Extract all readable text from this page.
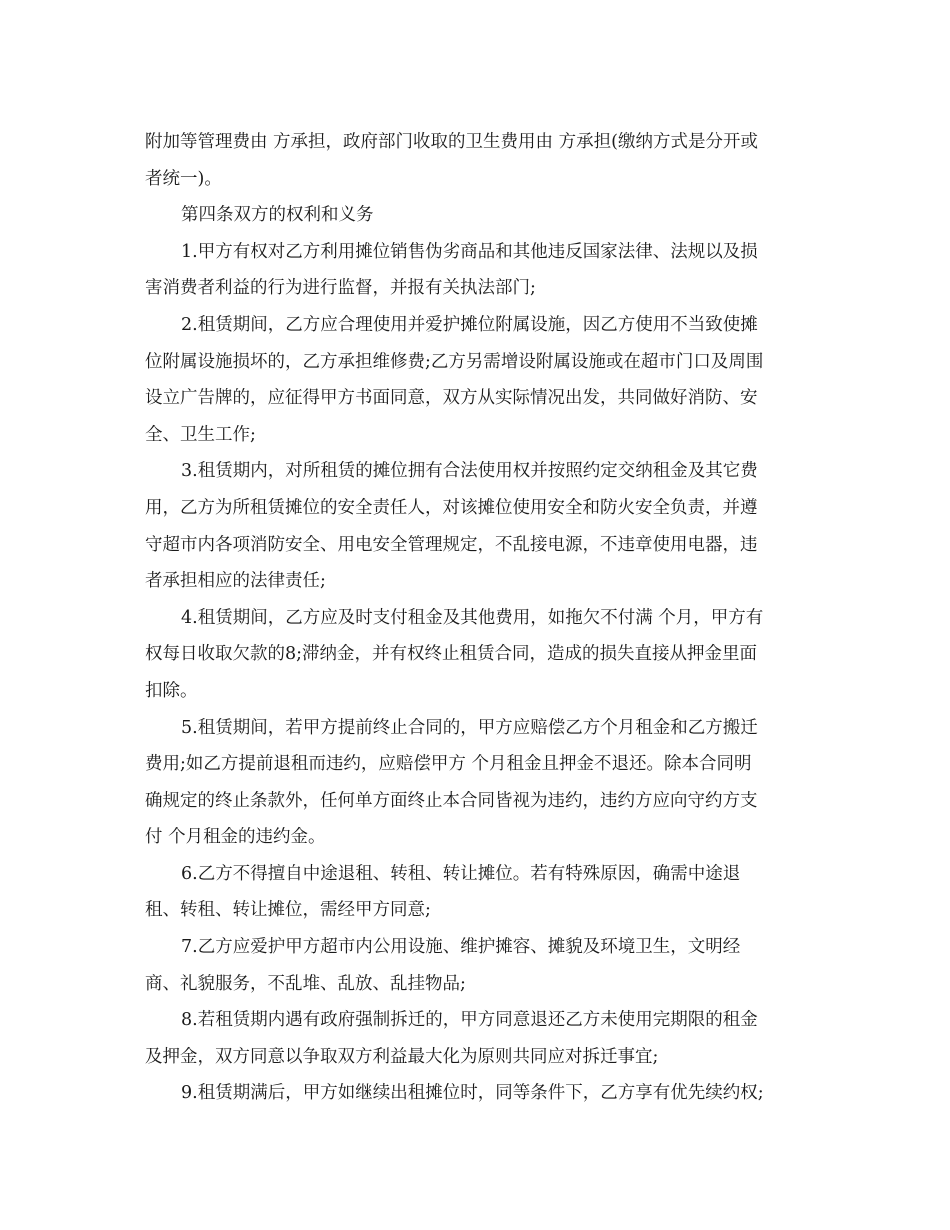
附加等管理费由 方承担，政府部门收取的卫生费用由 方承担(缴纳方式是分开或
者统一)。
第四条双方的权利和义务
1.甲方有权对乙方利用摊位销售伪劣商品和其他违反国家法律、法规以及损
害消费者利益的行为进行监督，并报有关执法部门;
2.租赁期间，乙方应合理使用并爱护摊位附属设施，因乙方使用不当致使摊
位附属设施损坏的，乙方承担维修费;乙方另需增设附属设施或在超市门口及周围
设立广告牌的，应征得甲方书面同意，双方从实际情况出发，共同做好消防、安
全、卫生工作;
3.租赁期内，对所租赁的摊位拥有合法使用权并按照约定交纳租金及其它费
用，乙方为所租赁摊位的安全责任人，对该摊位使用安全和防火安全负责，并遵
守超市内各项消防安全、用电安全管理规定，不乱接电源，不违章使用电器，违
者承担相应的法律责任;
4.租赁期间，乙方应及时支付租金及其他费用，如拖欠不付满 个月，甲方有
权每日收取欠款的8;滞纳金，并有权终止租赁合同，造成的损失直接从押金里面
扣除。
5.租赁期间，若甲方提前终止合同的，甲方应赔偿乙方个月租金和乙方搬迁
费用;如乙方提前退租而违约，应赔偿甲方 个月租金且押金不退还。除本合同明
确规定的终止条款外，任何单方面终止本合同皆视为违约，违约方应向守约方支
付 个月租金的违约金。
6.乙方不得擅自中途退租、转租、转让摊位。若有特殊原因，确需中途退
租、转租、转让摊位，需经甲方同意;
7.乙方应爱护甲方超市内公用设施、维护摊容、摊貌及环境卫生，文明经
商、礼貌服务，不乱堆、乱放、乱挂物品;
8.若租赁期内遇有政府强制拆迁的，甲方同意退还乙方未使用完期限的租金
及押金，双方同意以争取双方利益最大化为原则共同应对拆迁事宜;
9.租赁期满后，甲方如继续出租摊位时，同等条件下，乙方享有优先续约权;
